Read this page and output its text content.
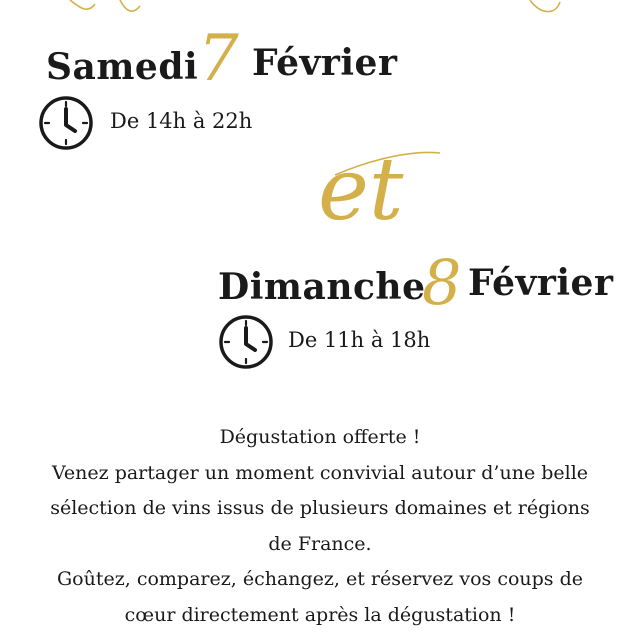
Samedi 7 Février
De 14h à 22h
et
Dimanche
8 Février
De 11h à 18h
Dégustation offerte !
Venez partager un moment convivial autour d’une belle
sélection de vins issus de plusieurs domaines et régions
de France.
Goûtez, comparez, échangez, et réservez vos coups de
cœur directement après la dégustation !
